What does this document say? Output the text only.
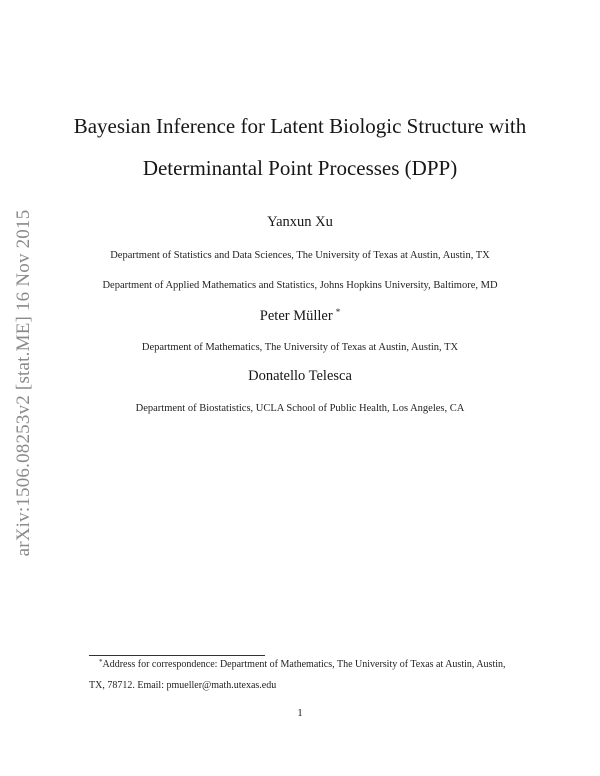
arXiv:1506.08253v2 [stat.ME] 16 Nov 2015
Bayesian Inference for Latent Biologic Structure with
Determinantal Point Processes (DPP)
Yanxun Xu
Department of Statistics and Data Sciences, The University of Texas at Austin, Austin, TX
Department of Applied Mathematics and Statistics, Johns Hopkins University, Baltimore, MD
Peter Müller *
Department of Mathematics, The University of Texas at Austin, Austin, TX
Donatello Telesca
Department of Biostatistics, UCLA School of Public Health, Los Angeles, CA
*Address for correspondence: Department of Mathematics, The University of Texas at Austin, Austin,
TX, 78712. Email: pmueller@math.utexas.edu
1
